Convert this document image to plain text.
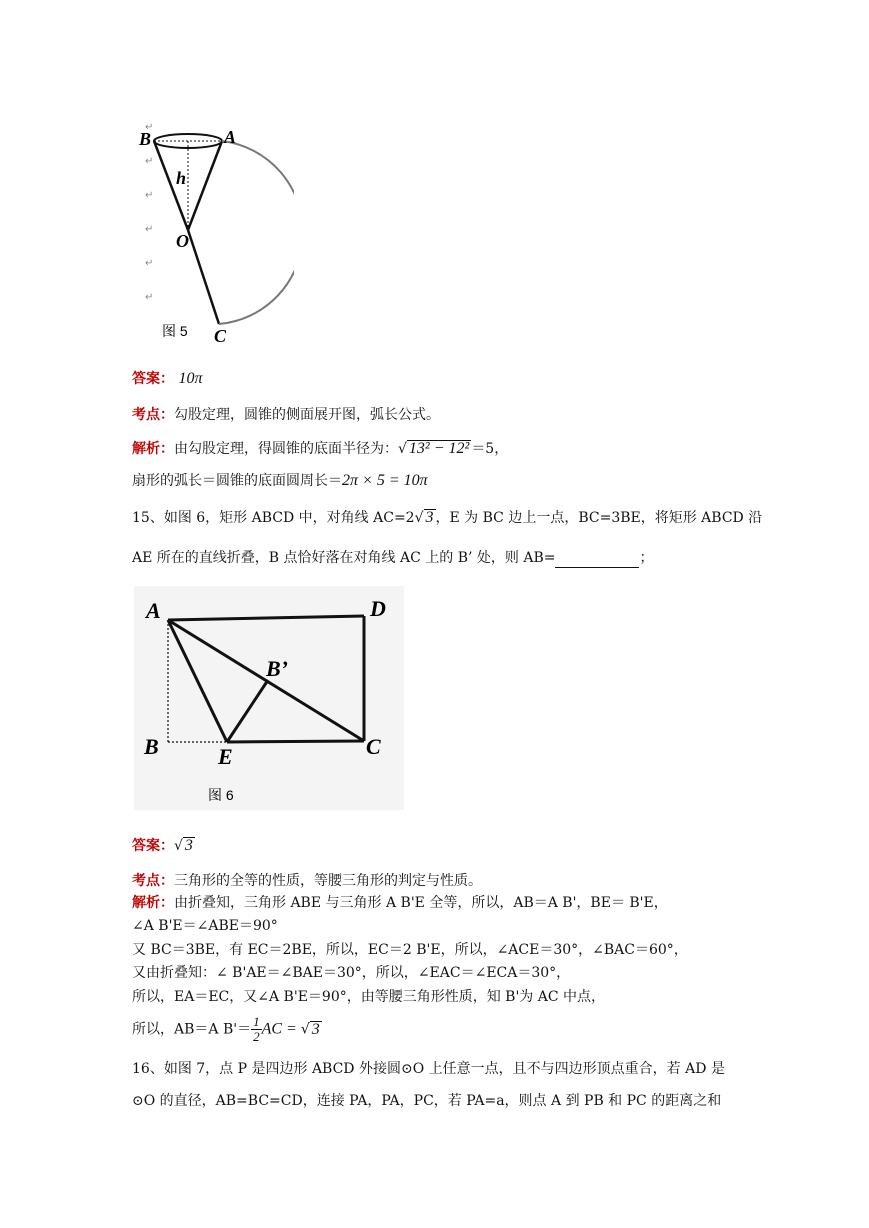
↵
↵
↵
↵
↵
↵
B	A
h
O
C
图 5
答案： 10π
考点：勾股定理，圆锥的侧面展开图，弧长公式。
解析：由勾股定理，得圆锥的底面半径为：√ 13² − 12² ＝5，
扇形的弧长＝圆锥的底面圆周长＝2π × 5 = 10π
15、如图 6，矩形 ABCD 中，对角线 AC=2√ 3 ，E 为 BC 边上一点，BC=3BE，将矩形 ABCD 沿
AE 所在的直线折叠，B 点恰好落在对角线 AC 上的 B’ 处，则 AB=	；
A	D
B’
B	E	C
图 6
答案：√ 3
考点：三角形的全等的性质，等腰三角形的判定与性质。
解析：由折叠知，三角形 ABE 与三角形 A B'E 全等，所以，AB＝A B'，BE＝ B'E，
∠A B'E＝∠ABE＝90°
又 BC＝3BE，有 EC＝2BE，所以，EC＝2 B'E，所以，∠ACE＝30°，∠BAC＝60°，
又由折叠知：∠ B'AE＝∠BAE＝30°，所以，∠EAC＝∠ECA＝30°，
所以，EA＝EC，又∠A B'E＝90°，由等腰三角形性质，知 B'为 AC 中点，
所以，AB＝A $B'= \frac{1}{2}$ AC = √ 3
16、如图 7，点 P 是四边形 ABCD 外接圆⊙O 上任意一点，且不与四边形顶点重合，若 AD 是
⊙O 的直径，AB=BC=CD，连接 PA，PA，PC，若 PA=a，则点 A 到 PB 和 PC 的距离之和
